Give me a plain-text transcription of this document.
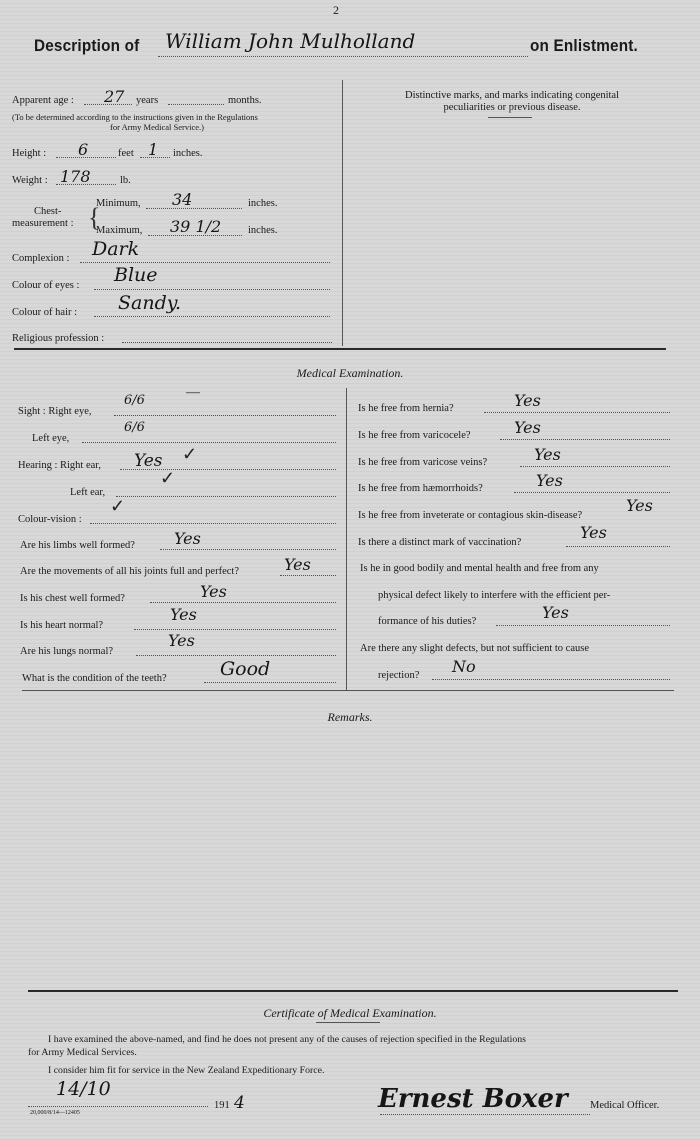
2
Description of William John Mulholland	on Enlistment.
Apparent age : 27 years	months.
(To be determined according to the instructions given in the Regulations
for Army Medical Service.)
Height : 6	feet 1 inches.
Weight : 178	lb.
Chest-
measurement : {
Minimum, 34	inches.
Maximum, 39 1/2	inches.
Complexion : Dark
Colour of eyes : Blue
Colour of hair : Sandy.
Religious profession :
Distinctive marks, and marks indicating congenital
peculiarities or previous disease.
Medical Examination.
Sight : Right eye,
6/6
—
Left eye,
6/6
Hearing : Right ear, Yes ✓
Left ear,
✓
Colour-vision :
✓
Are his limbs well formed? Yes
Are the movements of all his joints full and perfect?	Yes
Is his chest well formed?	Yes
Is his heart normal?
Yes
Are his lungs normal?
Yes
What is the condition of the teeth?	Good
Is he free from hernia?	Yes
Is he free from varicocele?	Yes
Is he free from varicose veins?	Yes
Is he free from hæmorrhoids?	Yes
Is he free from inveterate or contagious skin-disease?
Yes
Is there a distinct mark of vaccination?
Yes
Is he in good bodily and mental health and free from any
physical defect likely to interfere with the efficient per-
formance of his duties?	Yes
Are there any slight defects, but not sufficient to cause
rejection? No
Remarks.
Certificate of Medical Examination.
I have examined the above-named, and find he does not present any of the causes of rejection specified in the Regulations
for Army Medical Services.
I consider him fit for service in the New Zealand Expeditionary Force.
14/10
191 4
20,000/8/14—12405	Ernest Boxer Medical Officer.
